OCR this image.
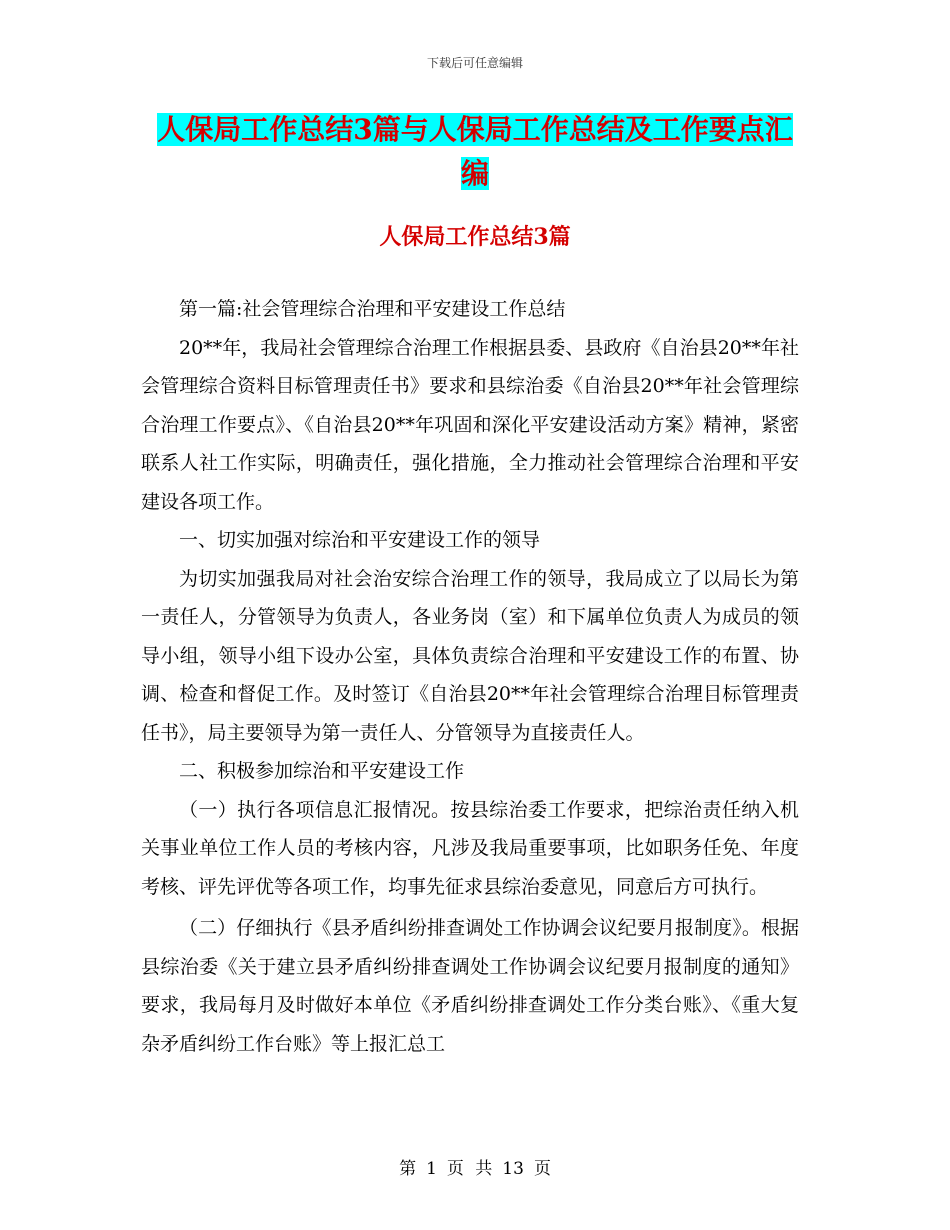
下载后可任意编辑
人保局工作总结3篇与人保局工作总结及工作要点汇
编
人保局工作总结3篇

第一篇:社会管理综合治理和平安建设工作总结

20**年，我局社会管理综合治理工作根据县委、县政府《自治县20**年社会管理综合资料目标管理责任书》要求和县综治委《自治县20**年社会管理综合治理工作要点》、《自治县20**年巩固和深化平安建设活动方案》精神，紧密联系人社工作实际，明确责任，强化措施，全力推动社会管理综合治理和平安建设各项工作。

一、切实加强对综治和平安建设工作的领导

为切实加强我局对社会治安综合治理工作的领导，我局成立了以局长为第一责任人，分管领导为负责人，各业务岗（室）和下属单位负责人为成员的领导小组，领导小组下设办公室，具体负责综合治理和平安建设工作的布置、协调、检查和督促工作。及时签订《自治县20**年社会管理综合治理目标管理责任书》，局主要领导为第一责任人、分管领导为直接责任人。

二、积极参加综治和平安建设工作

（一）执行各项信息汇报情况。按县综治委工作要求，把综治责任纳入机关事业单位工作人员的考核内容，凡涉及我局重要事项，比如职务任免、年度考核、评先评优等各项工作，均事先征求县综治委意见，同意后方可执行。

（二）仔细执行《县矛盾纠纷排查调处工作协调会议纪要月报制度》。根据县综治委《关于建立县矛盾纠纷排查调处工作协调会议纪要月报制度的通知》要求，我局每月及时做好本单位《矛盾纠纷排查调处工作分类台账》、《重大复杂矛盾纠纷工作台账》等上报汇总工

第 1 页 共 13 页
